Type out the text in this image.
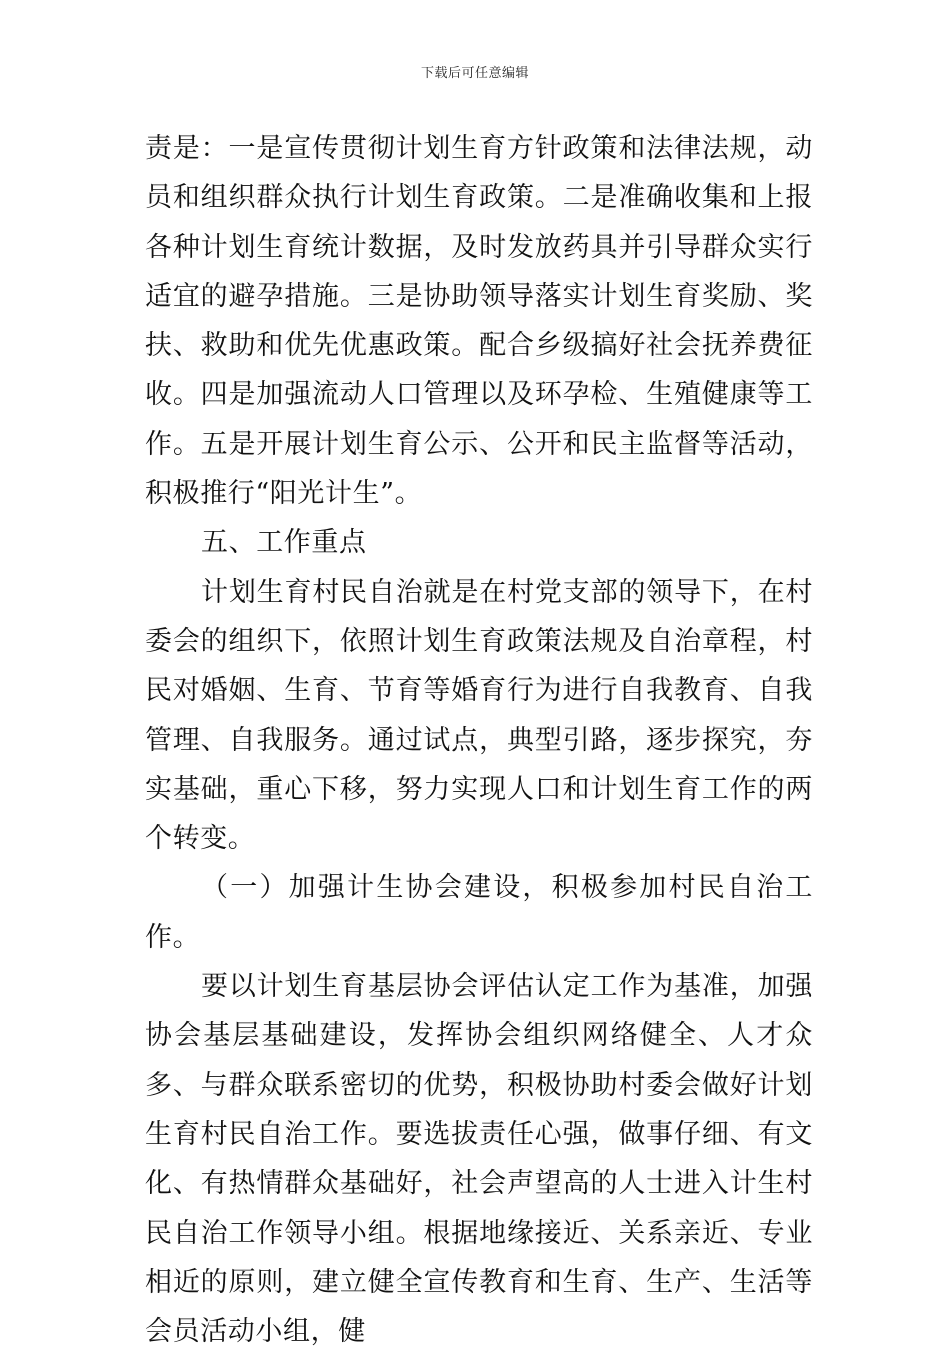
下载后可任意编辑

责是：一是宣传贯彻计划生育方针政策和法律法规，动员和组织群众执行计划生育政策。二是准确收集和上报各种计划生育统计数据，及时发放药具并引导群众实行适宜的避孕措施。三是协助领导落实计划生育奖励、奖扶、救助和优先优惠政策。配合乡级搞好社会抚养费征收。四是加强流动人口管理以及环孕检、生殖健康等工作。五是开展计划生育公示、公开和民主监督等活动，积极推行“阳光计生”。

五、工作重点

计划生育村民自治就是在村党支部的领导下，在村委会的组织下，依照计划生育政策法规及自治章程，村民对婚姻、生育、节育等婚育行为进行自我教育、自我管理、自我服务。通过试点，典型引路，逐步探究，夯实基础，重心下移，努力实现人口和计划生育工作的两个转变。

（一）加强计生协会建设，积极参加村民自治工作。

要以计划生育基层协会评估认定工作为基准，加强协会基层基础建设，发挥协会组织网络健全、人才众多、与群众联系密切的优势，积极协助村委会做好计划生育村民自治工作。要选拔责任心强，做事仔细、有文化、有热情群众基础好，社会声望高的人士进入计生村民自治工作领导小组。根据地缘接近、关系亲近、专业相近的原则，建立健全宣传教育和生育、生产、生活等会员活动小组，健
